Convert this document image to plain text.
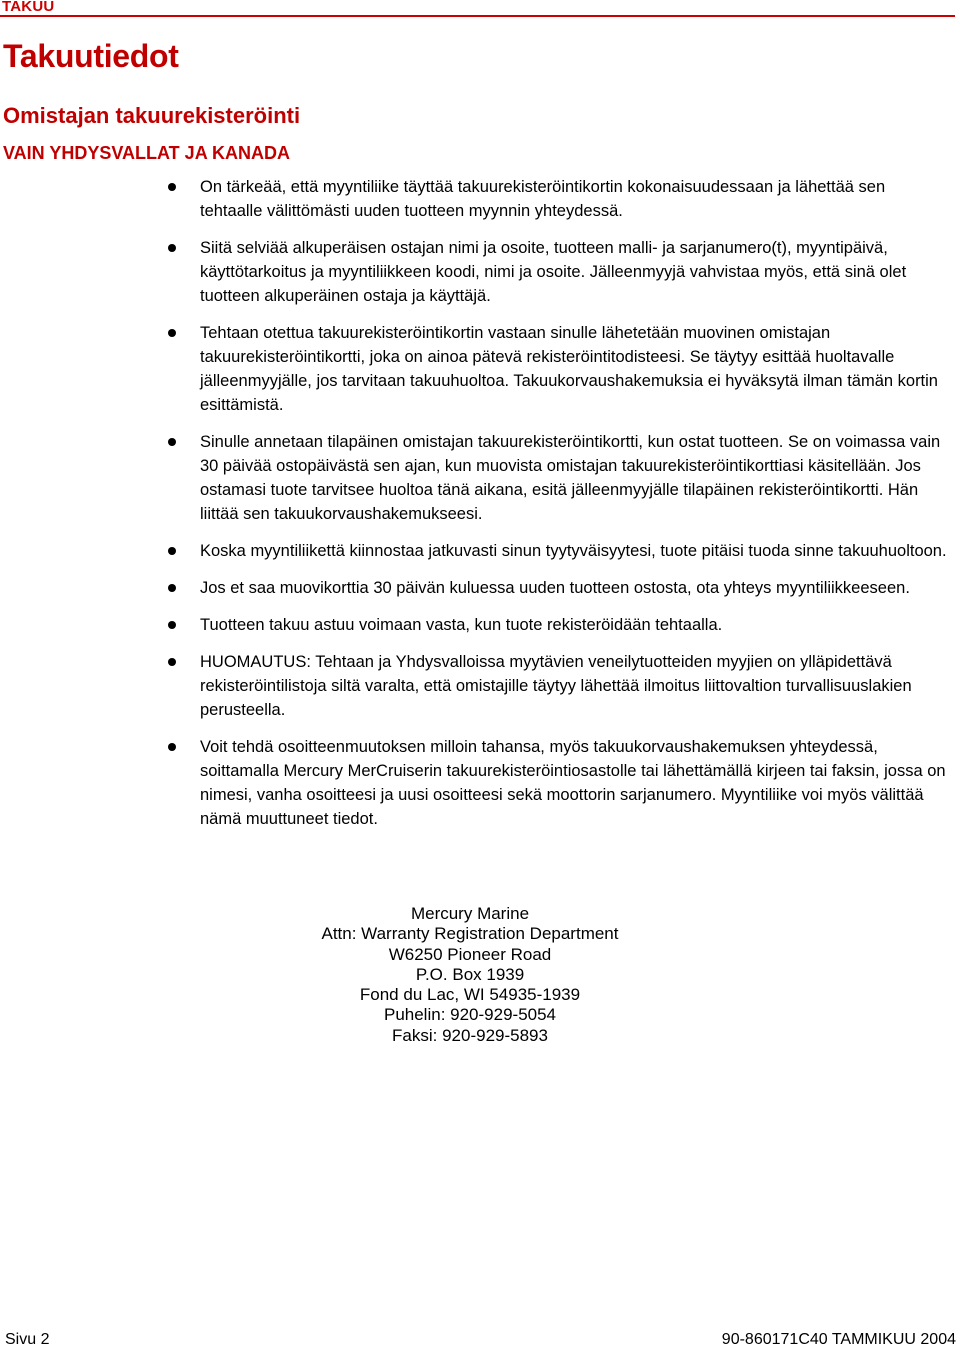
TAKUU
Takuutiedot
Omistajan takuurekisteröinti
VAIN YHDYSVALLAT JA KANADA
On tärkeää, että myyntiliike täyttää takuurekisteröintikortin kokonaisuudessaan ja lähettää sen tehtaalle välittömästi uuden tuotteen myynnin yhteydessä.
Siitä selviää alkuperäisen ostajan nimi ja osoite, tuotteen malli- ja sarjanumero(t), myyntipäivä, käyttötarkoitus ja myyntiliikkeen koodi, nimi ja osoite. Jälleenmyyjä vahvistaa myös, että sinä olet tuotteen alkuperäinen ostaja ja käyttäjä.
Tehtaan otettua takuurekisteröintikortin vastaan sinulle lähetetään muovinen omistajan takuurekisteröintikortti, joka on ainoa pätevä rekisteröintitodisteesi. Se täytyy esittää huoltavalle jälleenmyyjälle, jos tarvitaan takuuhuoltoa. Takuukorvaushakemuksia ei hyväksytä ilman tämän kortin esittämistä.
Sinulle annetaan tilapäinen omistajan takuurekisteröintikortti, kun ostat tuotteen. Se on voimassa vain 30 päivää ostopäivästä sen ajan, kun muovista omistajan takuurekisteröintikorttiasi käsitellään. Jos ostamasi tuote tarvitsee huoltoa tänä aikana, esitä jälleenmyyjälle tilapäinen rekisteröintikortti. Hän liittää sen takuukorvaushakemukseesi.
Koska myyntiliikettä kiinnostaa jatkuvasti sinun tyytyväisyytesi, tuote pitäisi tuoda sinne takuuhuoltoon.
Jos et saa muovikorttia 30 päivän kuluessa uuden tuotteen ostosta, ota yhteys myyntiliikkeeseen.
Tuotteen takuu astuu voimaan vasta, kun tuote rekisteröidään tehtaalla.
HUOMAUTUS: Tehtaan ja Yhdysvalloissa myytävien veneilytuotteiden myyjien on ylläpidettävä rekisteröintilistoja siltä varalta, että omistajille täytyy lähettää ilmoitus liittovaltion turvallisuuslakien perusteella.
Voit tehdä osoitteenmuutoksen milloin tahansa, myös takuukorvaushakemuksen yhteydessä, soittamalla Mercury MerCruiserin takuurekisteröintiosastolle tai lähettämällä kirjeen tai faksin, jossa on nimesi, vanha osoitteesi ja uusi osoitteesi sekä moottorin sarjanumero. Myyntiliike voi myös välittää nämä muuttuneet tiedot.
Mercury Marine
Attn: Warranty Registration Department
W6250 Pioneer Road
P.O. Box 1939
Fond du Lac, WI 54935-1939
Puhelin: 920-929-5054
Faksi: 920-929-5893
Sivu 2	90-860171C40 TAMMIKUU 2004
